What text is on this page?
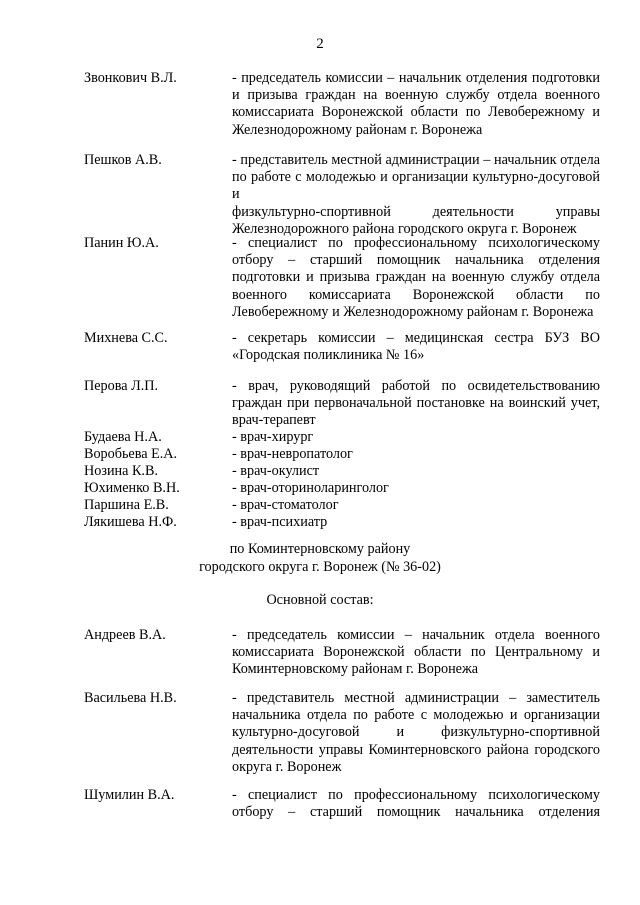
2
Звонкович В.Л.	- председатель комиссии – начальник отделения подготовки
и призыва граждан на военную службу отдела военного
комиссариата Воронежской области по Левобережному и
Железнодорожному районам г. Воронежа
Пешков А.В.	- представитель местной администрации – начальник отдела
по работе с молодежью и организации культурно-досуговой и
физкультурно-спортивной деятельности управы
Железнодорожного района городского округа г. Воронеж
Панин Ю.А.	- специалист по профессиональному психологическому
отбору – старший помощник начальника отделения
подготовки и призыва граждан на военную службу отдела
военного комиссариата Воронежской области по
Левобережному и Железнодорожному районам г. Воронежа
Михнева С.С.	- секретарь комиссии – медицинская сестра БУЗ ВО
«Городская поликлиника № 16»
Перова Л.П.	- врач, руководящий работой по освидетельствованию
граждан при первоначальной постановке на воинский учет,
врач-терапевт
Будаева Н.А.	- врач-хирург
Воробьева Е.А.	- врач-невропатолог
Нозина К.В.	- врач-окулист
Юхименко В.Н.	- врач-оториноларинголог
Паршина Е.В.	- врач-стоматолог
Лякишева Н.Ф.	- врач-психиатр
по Коминтерновскому району
городского округа г. Воронеж (№ 36-02)
Основной состав:
Андреев В.А.	- председатель комиссии – начальник отдела военного
комиссариата Воронежской области по Центральному и
Коминтерновскому районам г. Воронежа
Васильева Н.В.	- представитель местной администрации – заместитель
начальника отдела по работе с молодежью и организации
культурно-досуговой и физкультурно-спортивной
деятельности управы Коминтерновского района городского
округа г. Воронеж
Шумилин В.А.	- специалист по профессиональному психологическому
отбору – старший помощник начальника отделения
